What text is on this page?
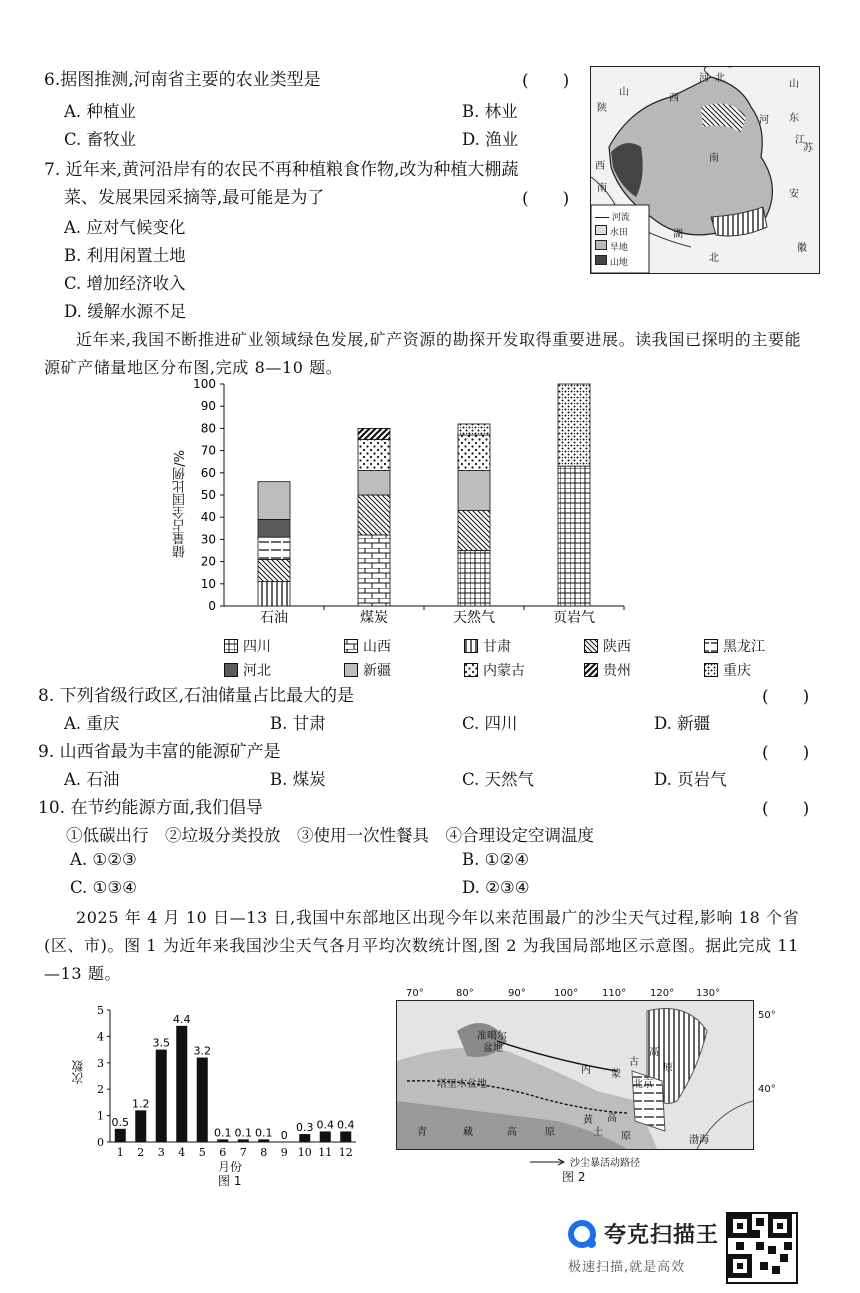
6.据图推测,河南省主要的农业类型是	(　　)
A. 种植业	B. 林业
C. 畜牧业	D. 渔业
7. 近年来,黄河沿岸有的农民不再种植粮食作物,改为种植大棚蔬
菜、发展果园采摘等,最可能是为了	(　　)
A. 应对气候变化
B. 利用闲置土地
C. 增加经济收入
D. 缓解水源不足
河 北
山
山
西
陕
东
河
江
苏
西
南
南
安
湖
北
徽
河流
水田
旱地
山地
近年来,我国不断推进矿业领域绿色发展,矿产资源的勘探开发取得重要进展。读我国已探明的主要能源矿产储量地区分布图,完成 8—10 题。
0
10
20
30
40
50
60
70
80
90
100
石油	煤炭	天然气	页岩气
储量占全国比例/%
四川	山西	甘肃	陕西	黑龙江
河北	新疆	内蒙古	贵州	重庆
8. 下列省级行政区,石油储量占比最大的是	(　　)
A. 重庆	B. 甘肃	C. 四川	D. 新疆
9. 山西省最为丰富的能源矿产是	(　　)
A. 石油	B. 煤炭	C. 天然气	D. 页岩气
10. 在节约能源方面,我们倡导	(　　)
①低碳出行　②垃圾分类投放　③使用一次性餐具　④合理设定空调温度
A. ①②③	B. ①②④
C. ①③④	D. ②③④
2025 年 4 月 10 日—13 日,我国中东部地区出现今年以来范围最广的沙尘天气过程,影响 18 个省(区、市)。图 1 为近年来我国沙尘天气各月平均次数统计图,图 2 为我国局部地区示意图。据此完成 11—13 题。
0
1
2
3
4
5
0.5
1
1.2
2
3.5
3
4.4
4
3.2
5
0.1
6
0.1
7
0.1
8
0
9
0.3
10
0.4
11
0.4
12
次数
月份
图 1
70°	80°	90°	100° 110° 120° 130°
准噶尔
盆地
塔里木盆地
内 蒙
古
高
原
北京
青	藏	高	原
黄
土
高
原	渤海
50°
40°
沙尘暴活动路径
图 2
夸克扫描王
极速扫描,就是高效
